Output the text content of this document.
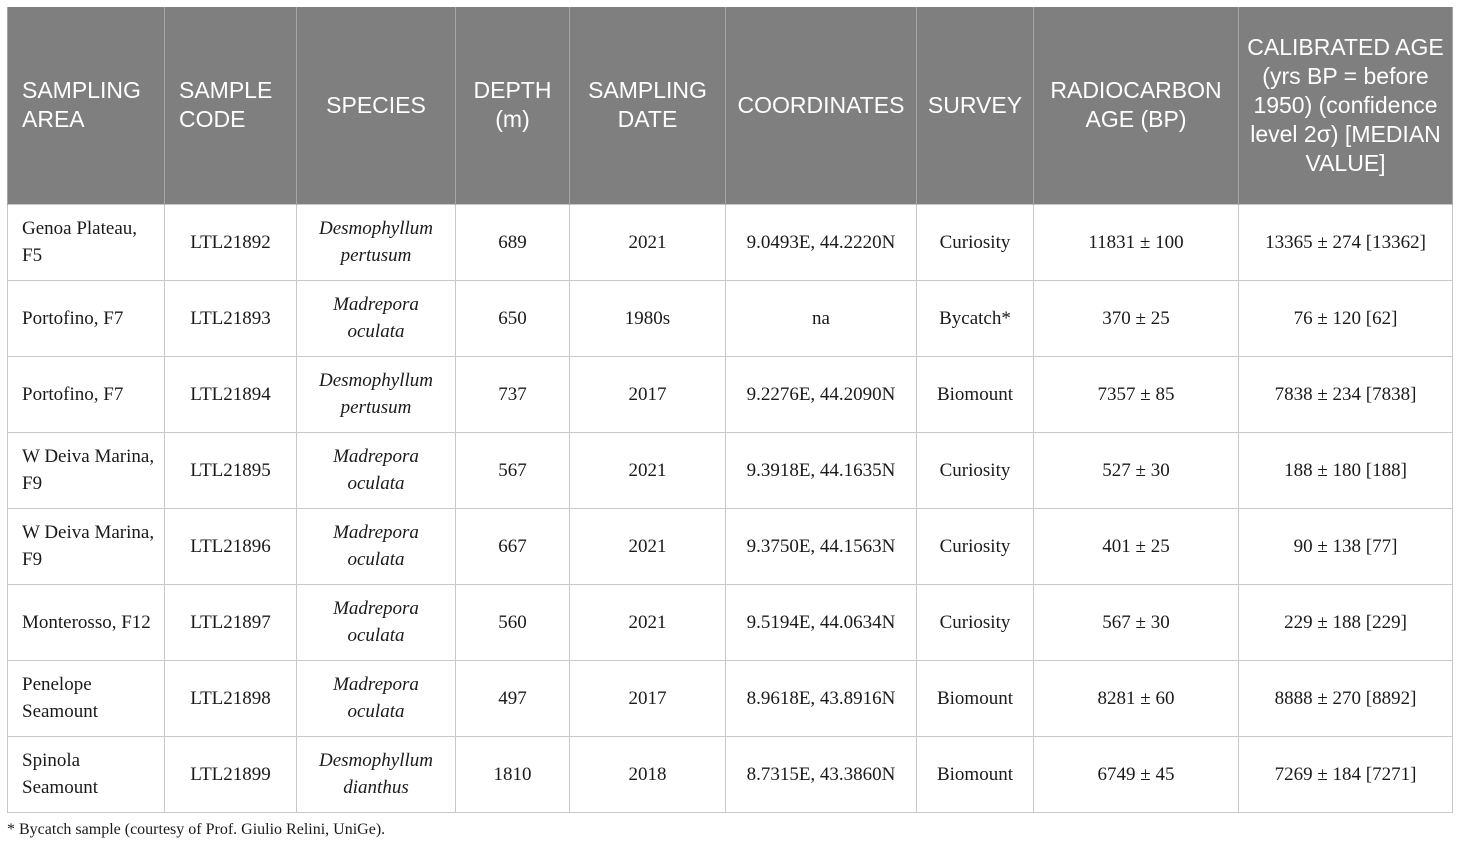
SAMPLING AREA	SAMPLE CODE	SPECIES	DEPTH (m)	SAMPLING DATE	COORDINATES	SURVEY	RADIOCARBON AGE (BP)	CALIBRATED AGE (yrs BP = before 1950) (confidence level 2σ) [MEDIAN VALUE]
Genoa Plateau, F5	LTL21892	Desmophyllum pertusum	689	2021	9.0493E, 44.2220N	Curiosity	11831 ± 100	13365 ± 274 [13362]
Portofino, F7	LTL21893	Madrepora oculata	650	1980s	na	Bycatch*	370 ± 25	76 ± 120 [62]
Portofino, F7	LTL21894	Desmophyllum pertusum	737	2017	9.2276E, 44.2090N	Biomount	7357 ± 85	7838 ± 234 [7838]
W Deiva Marina, F9	LTL21895	Madrepora oculata	567	2021	9.3918E, 44.1635N	Curiosity	527 ± 30	188 ± 180 [188]
W Deiva Marina, F9	LTL21896	Madrepora oculata	667	2021	9.3750E, 44.1563N	Curiosity	401 ± 25	90 ± 138 [77]
Monterosso, F12	LTL21897	Madrepora oculata	560	2021	9.5194E, 44.0634N	Curiosity	567 ± 30	229 ± 188 [229]
Penelope Seamount	LTL21898	Madrepora oculata	497	2017	8.9618E, 43.8916N	Biomount	8281 ± 60	8888 ± 270 [8892]
Spinola Seamount	LTL21899	Desmophyllum dianthus	1810	2018	8.7315E, 43.3860N	Biomount	6749 ± 45	7269 ± 184 [7271]
* Bycatch sample (courtesy of Prof. Giulio Relini, UniGe).
